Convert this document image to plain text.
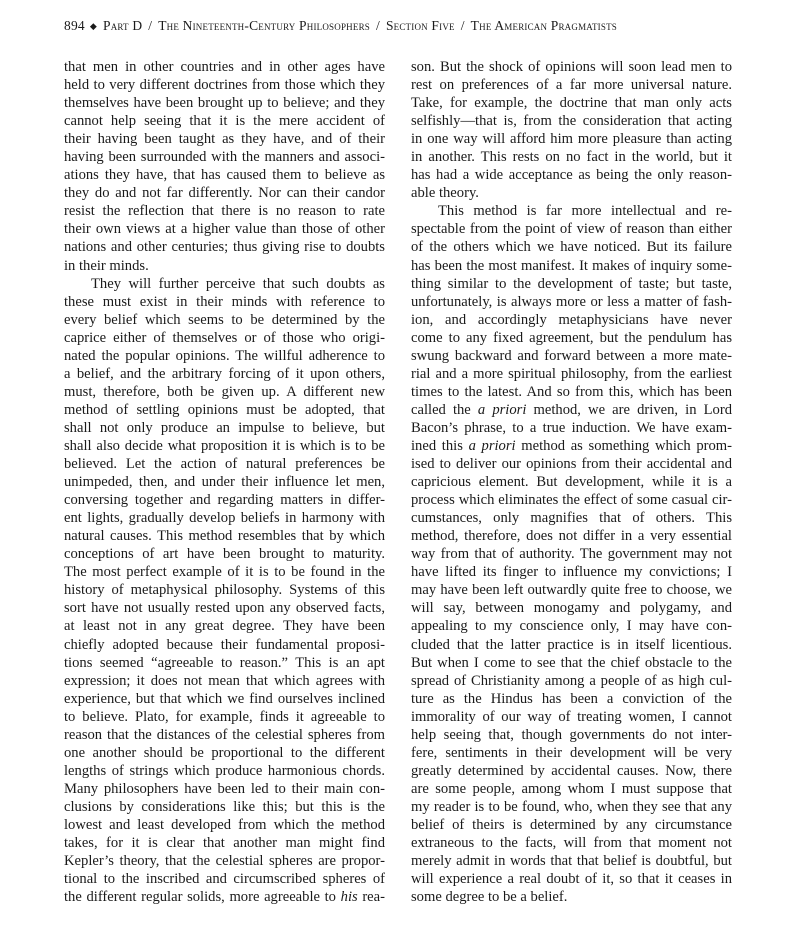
894 ◆ Part D / The Nineteenth-Century Philosophers / Section Five / The American Pragmatists
that men in other countries and in other ages have
held to very different doctrines from those which they
themselves have been brought up to believe; and they
cannot help seeing that it is the mere accident of
their having been taught as they have, and of their
having been surrounded with the manners and associ-
ations they have, that has caused them to believe as
they do and not far differently. Nor can their candor
resist the reflection that there is no reason to rate
their own views at a higher value than those of other
nations and other centuries; thus giving rise to doubts
in their minds.
They will further perceive that such doubts as
these must exist in their minds with reference to
every belief which seems to be determined by the
caprice either of themselves or of those who origi-
nated the popular opinions. The willful adherence to
a belief, and the arbitrary forcing of it upon others,
must, therefore, both be given up. A different new
method of settling opinions must be adopted, that
shall not only produce an impulse to believe, but
shall also decide what proposition it is which is to be
believed. Let the action of natural preferences be
unimpeded, then, and under their influence let men,
conversing together and regarding matters in differ-
ent lights, gradually develop beliefs in harmony with
natural causes. This method resembles that by which
conceptions of art have been brought to maturity.
The most perfect example of it is to be found in the
history of metaphysical philosophy. Systems of this
sort have not usually rested upon any observed facts,
at least not in any great degree. They have been
chiefly adopted because their fundamental proposi-
tions seemed “agreeable to reason.” This is an apt
expression; it does not mean that which agrees with
experience, but that which we find ourselves inclined
to believe. Plato, for example, finds it agreeable to
reason that the distances of the celestial spheres from
one another should be proportional to the different
lengths of strings which produce harmonious chords.
Many philosophers have been led to their main con-
clusions by considerations like this; but this is the
lowest and least developed from which the method
takes, for it is clear that another man might find
Kepler’s theory, that the celestial spheres are propor-
tional to the inscribed and circumscribed spheres of
the different regular solids, more agreeable to his rea-
son. But the shock of opinions will soon lead men to
rest on preferences of a far more universal nature.
Take, for example, the doctrine that man only acts
selfishly—that is, from the consideration that acting
in one way will afford him more pleasure than acting
in another. This rests on no fact in the world, but it
has had a wide acceptance as being the only reason-
able theory.
This method is far more intellectual and re-
spectable from the point of view of reason than either
of the others which we have noticed. But its failure
has been the most manifest. It makes of inquiry some-
thing similar to the development of taste; but taste,
unfortunately, is always more or less a matter of fash-
ion, and accordingly metaphysicians have never
come to any fixed agreement, but the pendulum has
swung backward and forward between a more mate-
rial and a more spiritual philosophy, from the earliest
times to the latest. And so from this, which has been
called the a priori method, we are driven, in Lord
Bacon’s phrase, to a true induction. We have exam-
ined this a priori method as something which prom-
ised to deliver our opinions from their accidental and
capricious element. But development, while it is a
process which eliminates the effect of some casual cir-
cumstances, only magnifies that of others. This
method, therefore, does not differ in a very essential
way from that of authority. The government may not
have lifted its finger to influence my convictions; I
may have been left outwardly quite free to choose, we
will say, between monogamy and polygamy, and
appealing to my conscience only, I may have con-
cluded that the latter practice is in itself licentious.
But when I come to see that the chief obstacle to the
spread of Christianity among a people of as high cul-
ture as the Hindus has been a conviction of the
immorality of our way of treating women, I cannot
help seeing that, though governments do not inter-
fere, sentiments in their development will be very
greatly determined by accidental causes. Now, there
are some people, among whom I must suppose that
my reader is to be found, who, when they see that any
belief of theirs is determined by any circumstance
extraneous to the facts, will from that moment not
merely admit in words that that belief is doubtful, but
will experience a real doubt of it, so that it ceases in
some degree to be a belief.
